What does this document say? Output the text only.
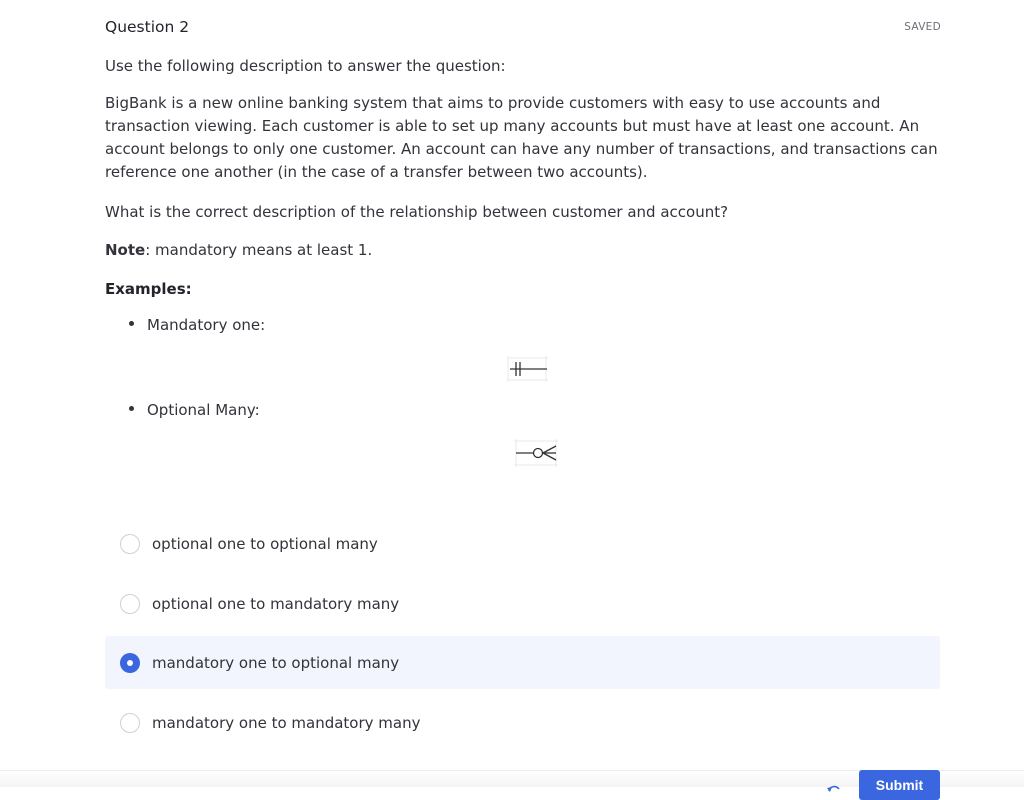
Question 2	SAVED
Use the following description to answer the question:
BigBank is a new online banking system that aims to provide customers with easy to use accounts and transaction viewing. Each customer is able to set up many accounts but must have at least one account. An account belongs to only one customer. An account can have any number of transactions, and transactions can reference one another (in the case of a transfer between two accounts).
What is the correct description of the relationship between customer and account?
Note: mandatory means at least 1.
Examples:
Mandatory one:
Optional Many:
optional one to optional many
optional one to mandatory many
mandatory one to optional many
mandatory one to mandatory many
Submit
